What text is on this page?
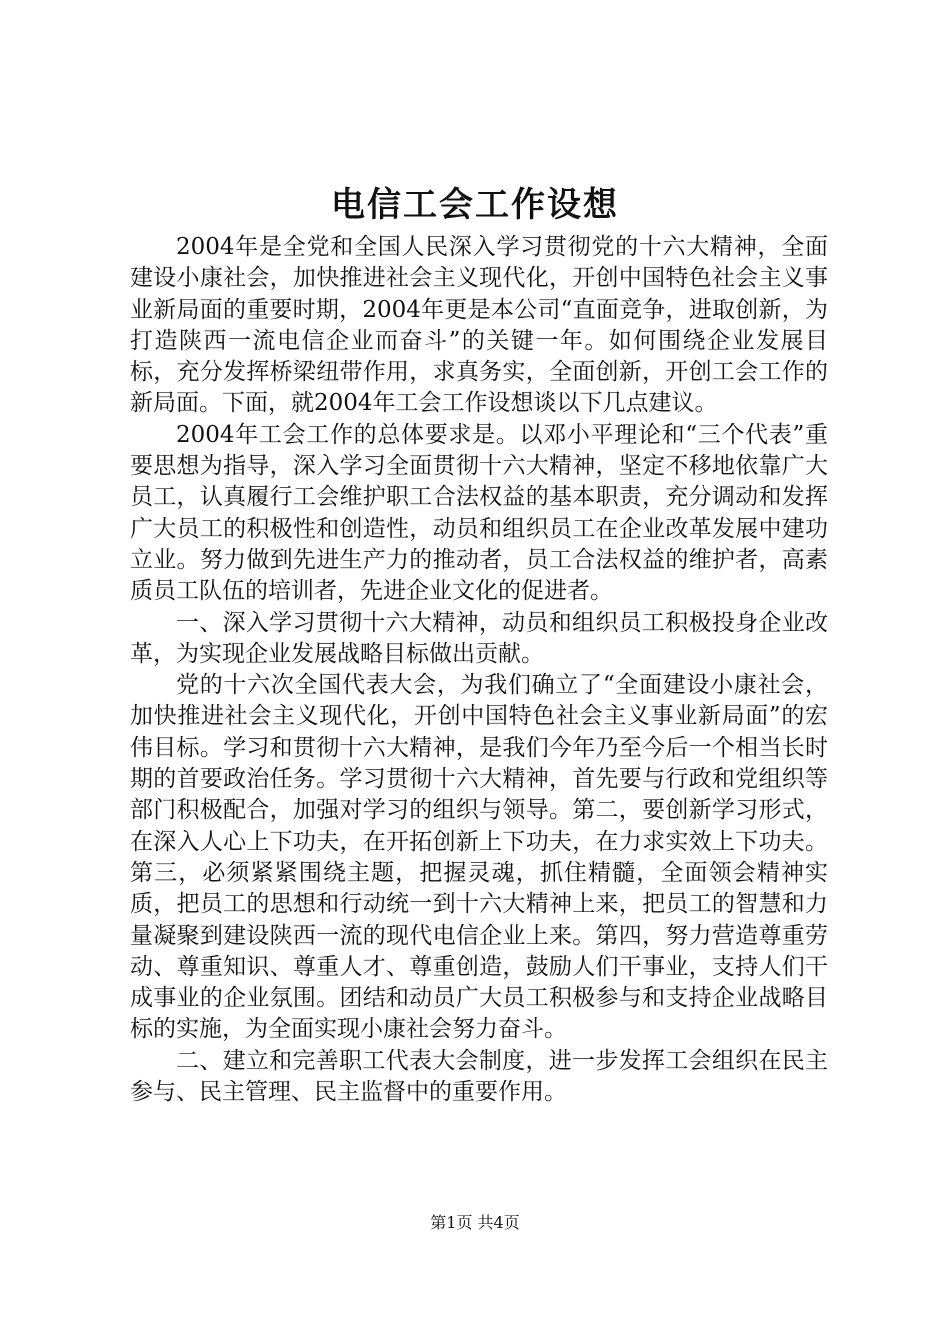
电信工会工作设想

2004年是全党和全国人民深入学习贯彻党的十六大精神，全面建设小康社会，加快推进社会主义现代化，开创中国特色社会主义事业新局面的重要时期，2004年更是本公司“直面竞争，进取创新，为打造陕西一流电信企业而奋斗”的关键一年。如何围绕企业发展目标，充分发挥桥梁纽带作用，求真务实，全面创新，开创工会工作的新局面。下面，就2004年工会工作设想谈以下几点建议。

2004年工会工作的总体要求是。以邓小平理论和“三个代表”重要思想为指导，深入学习全面贯彻十六大精神，坚定不移地依靠广大员工，认真履行工会维护职工合法权益的基本职责，充分调动和发挥广大员工的积极性和创造性，动员和组织员工在企业改革发展中建功立业。努力做到先进生产力的推动者，员工合法权益的维护者，高素质员工队伍的培训者，先进企业文化的促进者。

一、深入学习贯彻十六大精神，动员和组织员工积极投身企业改革，为实现企业发展战略目标做出贡献。

党的十六次全国代表大会，为我们确立了“全面建设小康社会，加快推进社会主义现代化，开创中国特色社会主义事业新局面”的宏伟目标。学习和贯彻十六大精神，是我们今年乃至今后一个相当长时期的首要政治任务。学习贯彻十六大精神，首先要与行政和党组织等部门积极配合，加强对学习的组织与领导。第二，要创新学习形式，在深入人心上下功夫，在开拓创新上下功夫，在力求实效上下功夫。第三，必须紧紧围绕主题，把握灵魂，抓住精髓，全面领会精神实质，把员工的思想和行动统一到十六大精神上来，把员工的智慧和力量凝聚到建设陕西一流的现代电信企业上来。第四，努力营造尊重劳动、尊重知识、尊重人才、尊重创造，鼓励人们干事业，支持人们干成事业的企业氛围。团结和动员广大员工积极参与和支持企业战略目标的实施，为全面实现小康社会努力奋斗。

二、建立和完善职工代表大会制度，进一步发挥工会组织在民主参与、民主管理、民主监督中的重要作用。

第1页 共4页
